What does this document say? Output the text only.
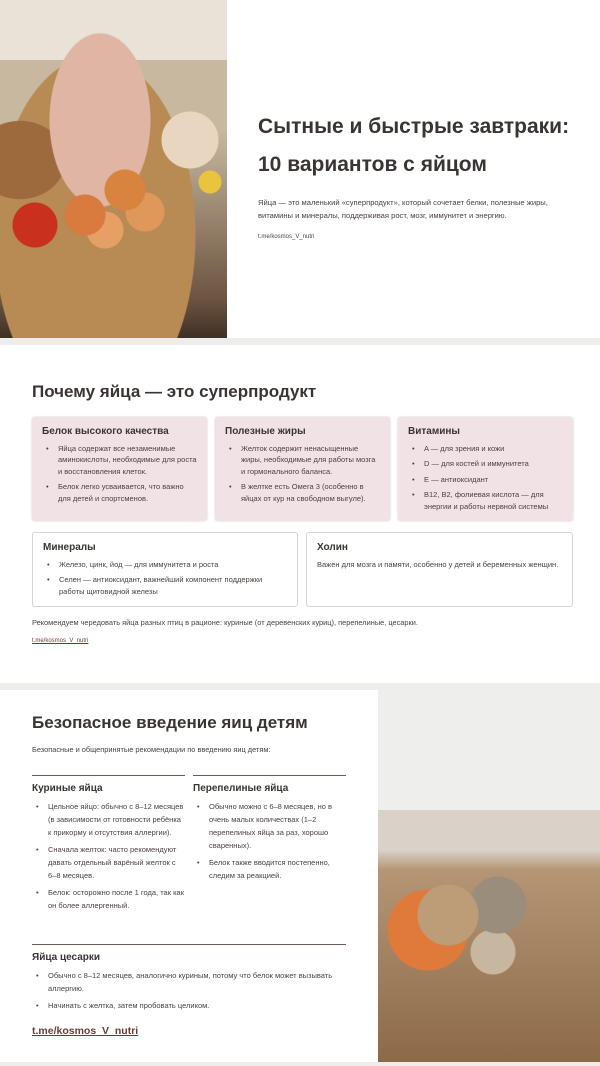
Сытные и быстрые завтраки:
10 вариантов с яйцом

Яйца — это маленький «суперпродукт», который сочетает белки, полезные жиры, витамины и минералы, поддерживая рост, мозг, иммунитет и энергию.

t.me/kosmos_V_nutri
Почему яйца — это суперпродукт
Белок высокого качества
• Яйца содержат все незаменимые аминокислоты, необходимые для роста и восстановления клеток.
• Белок легко усваивается, что важно для детей и спортсменов.
Полезные жиры
• Желток содержит ненасыщенные жиры, необходимые для работы мозга и гормонального баланса.
• В желтке есть Омега 3 (особенно в яйцах от кур на свободном выгуле).
Витамины
• A — для зрения и кожи
• D — для костей и иммунитета
• E — антиоксидант
• B12, B2, фолиевая кислота — для энергии и работы нервной системы
Минералы
• Железо, цинк, йод — для иммунитета и роста
• Селен — антиоксидант, важнейший компонент поддержки работы щитовидной железы
Холин

Важен для мозга и памяти, особенно у детей и беременных женщин.

Рекомендуем чередовать яйца разных птиц в рационе: куриные (от деревенских куриц), перепелиные, цесарки.

t.me/kosmos_V_nutri
Безопасное введение яиц детям

Безопасные и общепринятые рекомендации по введению яиц детям:

Куриные яйца
• Цельное яйцо: обычно с 8–12 месяцев (в зависимости от готовности ребёнка к прикорму и отсутствия аллергии).
• Сначала желток: часто рекомендуют давать отдельный варёный желток с 6–8 месяцев.
• Белок: осторожно после 1 года, так как он более аллергенный.
Перепелиные яйца
• Обычно можно с 6–8 месяцев, но в очень малых количествах (1–2 перепелиных яйца за раз, хорошо сваренных).
• Белок также вводится постепенно, следим за реакцией.
Яйца цесарки
• Обычно с 8–12 месяцев, аналогично куриным, потому что белок может вызывать аллергию.
• Начинать с желтка, затем пробовать целиком.
t.me/kosmos_V_nutri
